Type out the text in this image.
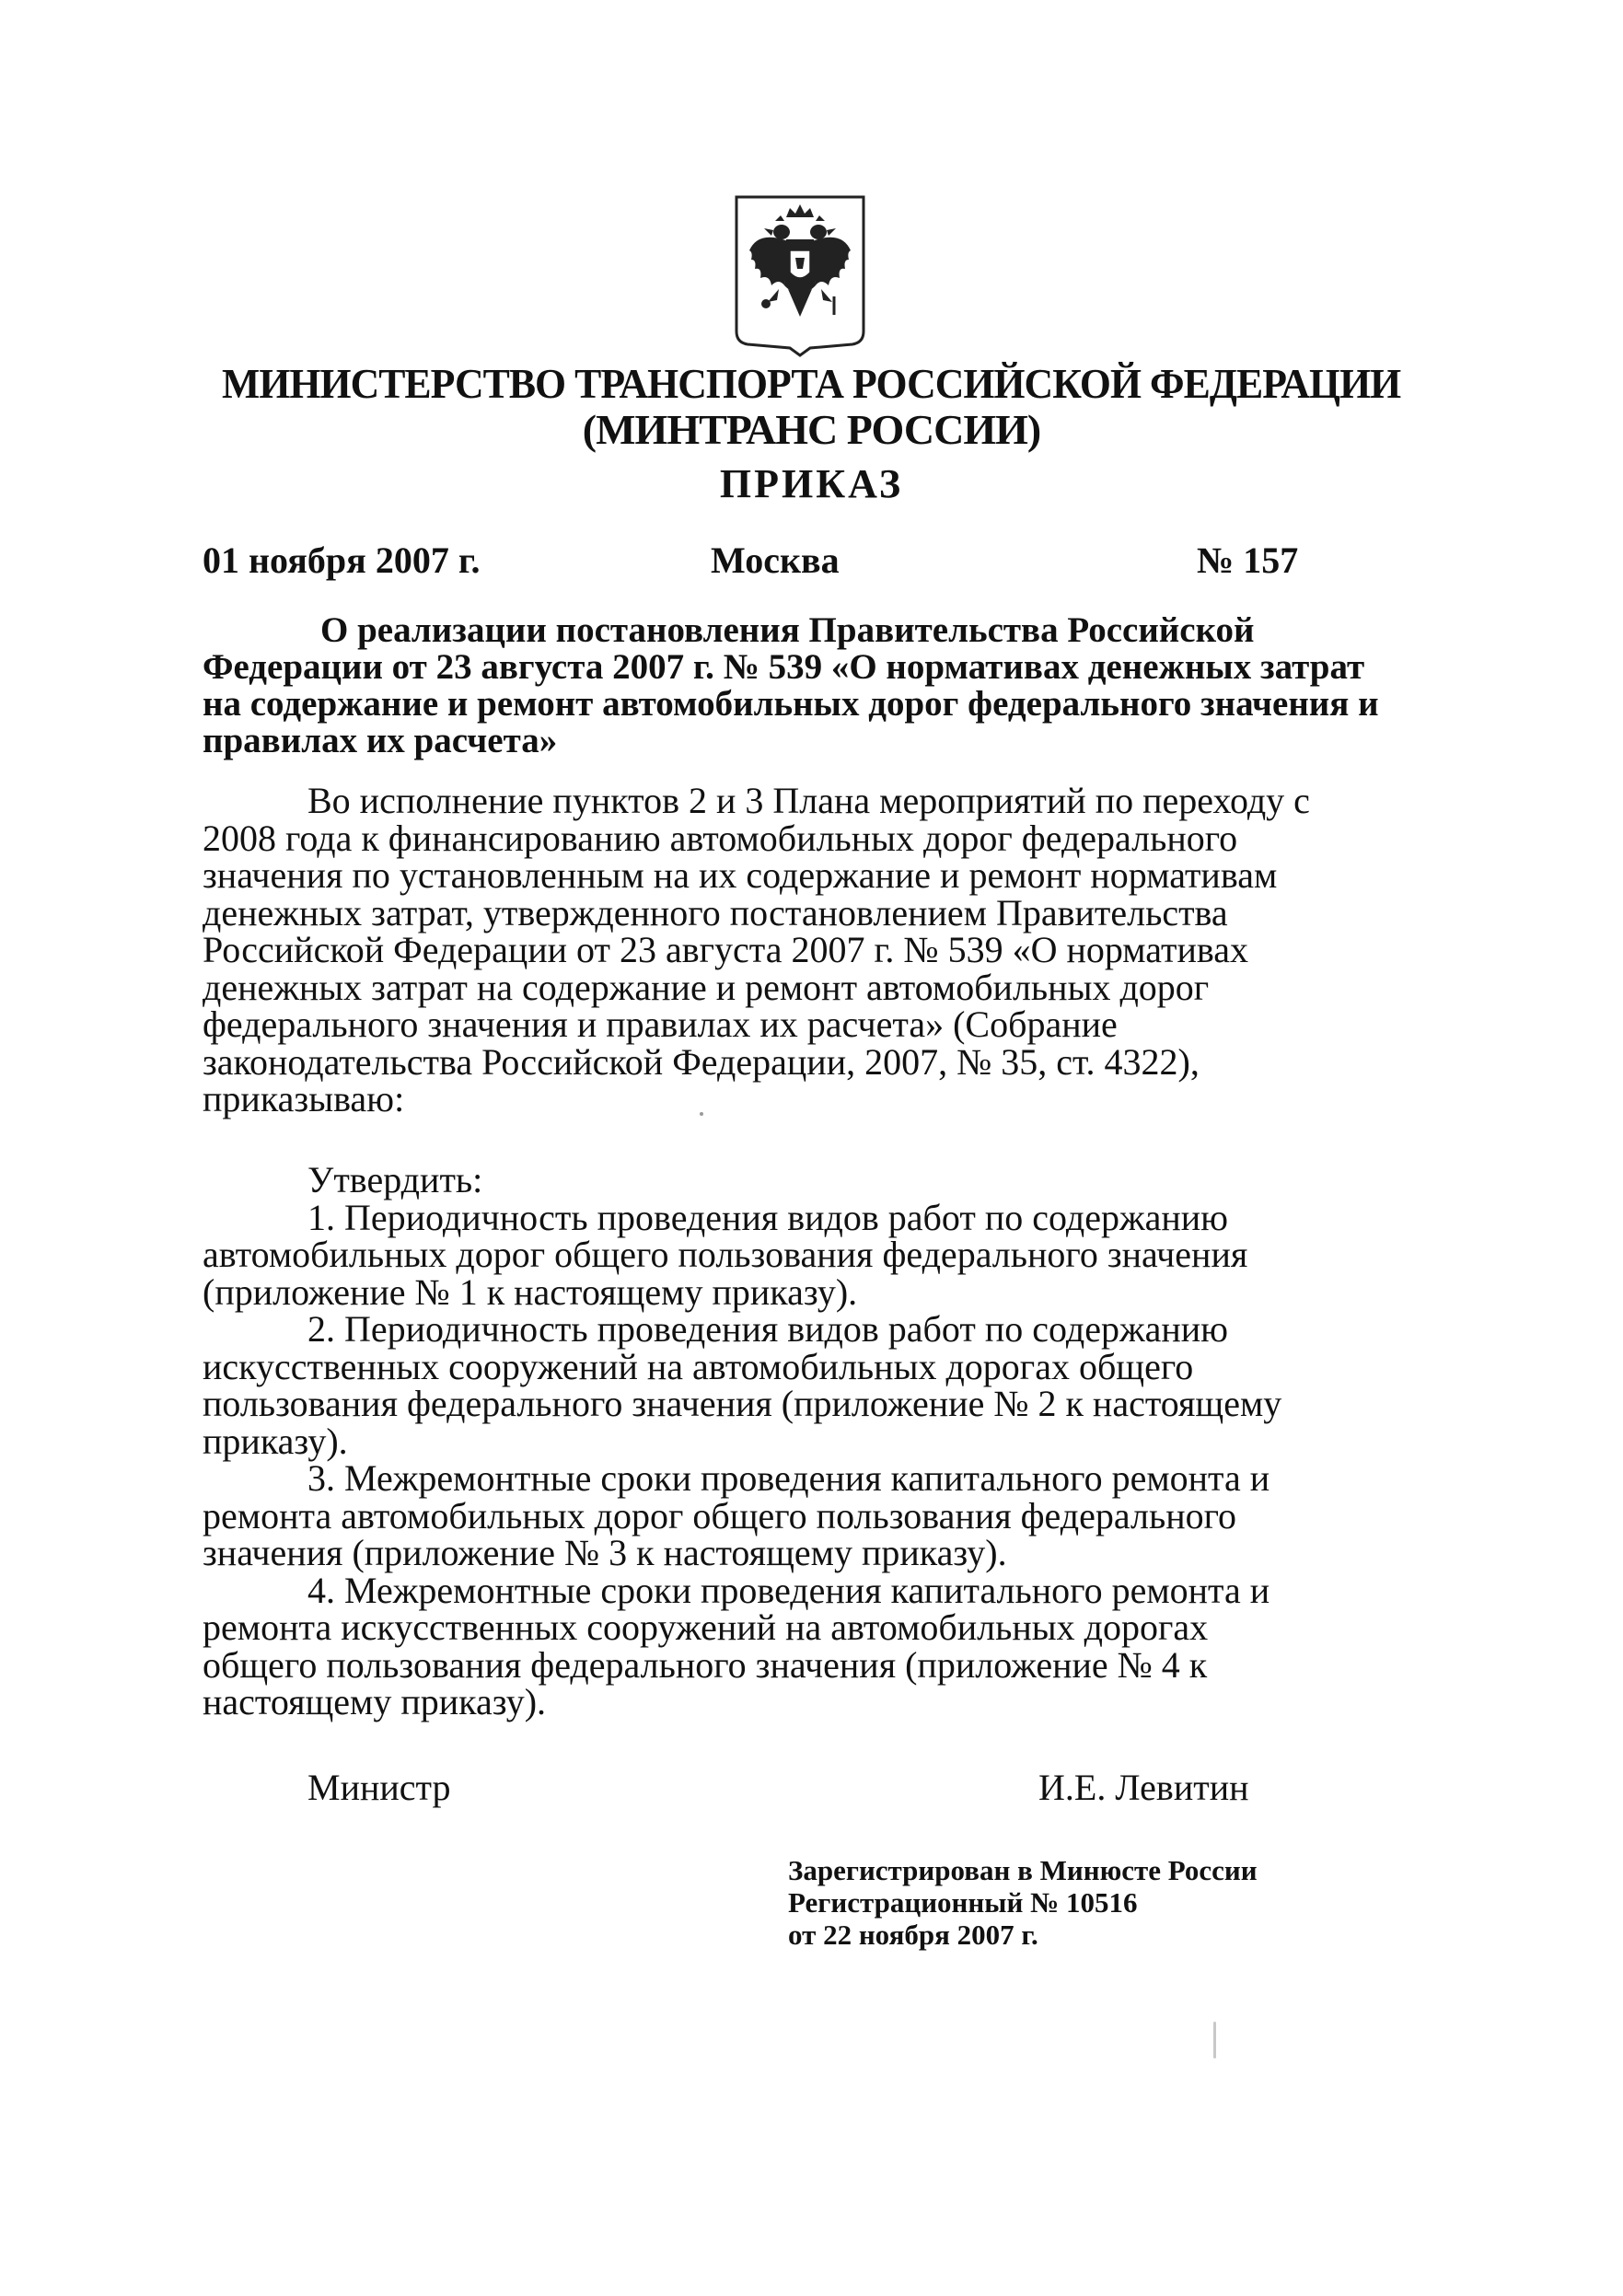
МИНИСТЕРСТВО ТРАНСПОРТА РОССИЙСКОЙ ФЕДЕРАЦИИ
(МИНТРАНС РОССИИ)
ПРИКАЗ
01 ноября 2007 г.	Москва	№ 157
О реализации постановления Правительства Российской
Федерации от 23 августа 2007 г. № 539 «О нормативах денежных затрат
на содержание и ремонт автомобильных дорог федерального значения и
правилах их расчета»
Во исполнение пунктов 2 и 3 Плана мероприятий по переходу с
2008 года к финансированию автомобильных дорог федерального
значения по установленным на их содержание и ремонт нормативам
денежных затрат, утвержденного постановлением Правительства
Российской Федерации от 23 августа 2007 г. № 539 «О нормативах
денежных затрат на содержание и ремонт автомобильных дорог
федерального значения и правилах их расчета» (Собрание
законодательства Российской Федерации, 2007, № 35, ст. 4322),
приказываю:
Утвердить:
1. Периодичность проведения видов работ по содержанию
автомобильных дорог общего пользования федерального значения
(приложение № 1 к настоящему приказу).
2. Периодичность проведения видов работ по содержанию
искусственных сооружений на автомобильных дорогах общего
пользования федерального значения (приложение № 2 к настоящему
приказу).
3. Межремонтные сроки проведения капитального ремонта и
ремонта автомобильных дорог общего пользования федерального
значения (приложение № 3 к настоящему приказу).
4. Межремонтные сроки проведения капитального ремонта и
ремонта искусственных сооружений на автомобильных дорогах
общего пользования федерального значения (приложение № 4 к
настоящему приказу).
Министр	И.Е. Левитин
Зарегистрирован в Минюсте России
Регистрационный № 10516
от 22 ноября 2007 г.
